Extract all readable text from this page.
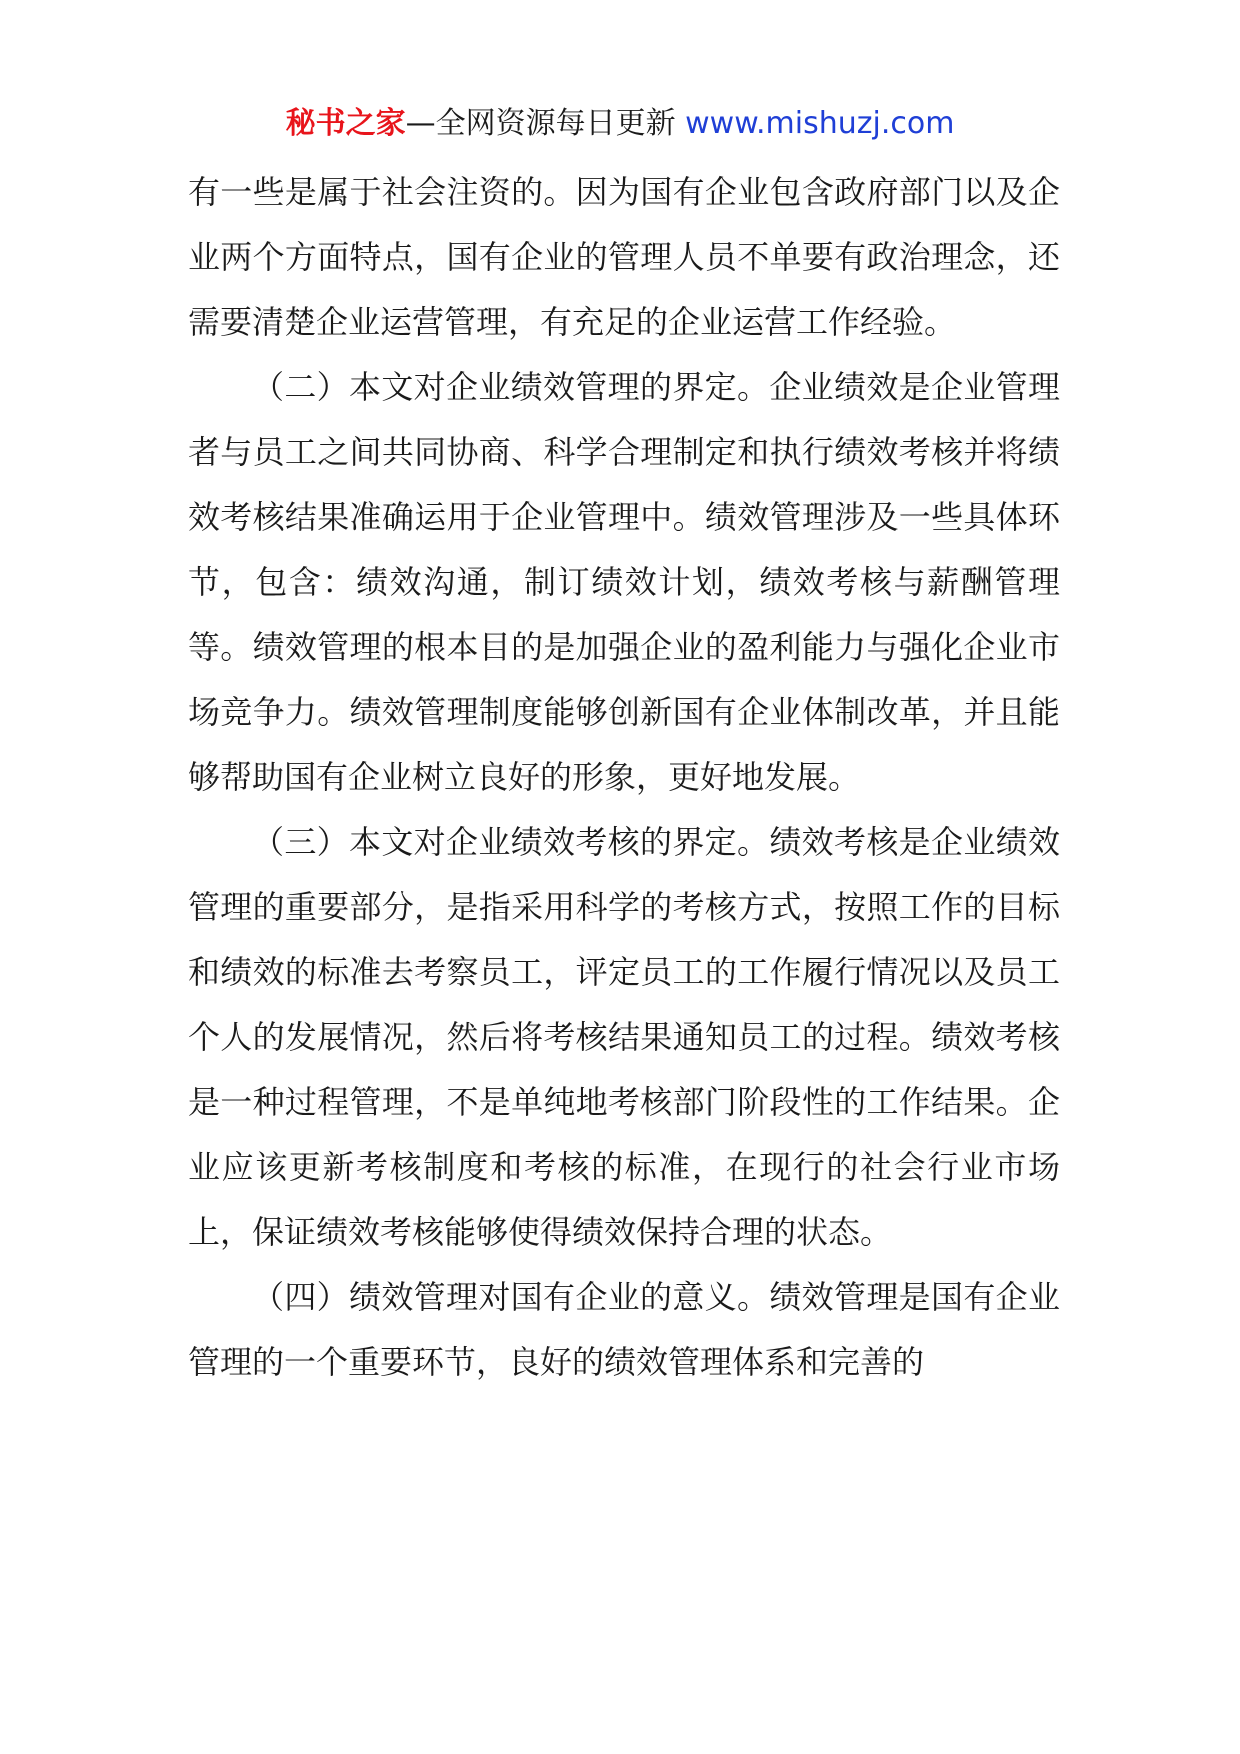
秘书之家—全网资源每日更新 www.mishuzj.com

有一些是属于社会注资的。因为国有企业包含政府部门以及企业两个方面特点，国有企业的管理人员不单要有政治理念，还需要清楚企业运营管理，有充足的企业运营工作经验。

（二）本文对企业绩效管理的界定。企业绩效是企业管理者与员工之间共同协商、科学合理制定和执行绩效考核并将绩效考核结果准确运用于企业管理中。绩效管理涉及一些具体环节，包含：绩效沟通，制订绩效计划，绩效考核与薪酬管理等。绩效管理的根本目的是加强企业的盈利能力与强化企业市场竞争力。绩效管理制度能够创新国有企业体制改革，并且能够帮助国有企业树立良好的形象，更好地发展。

（三）本文对企业绩效考核的界定。绩效考核是企业绩效管理的重要部分，是指采用科学的考核方式，按照工作的目标和绩效的标准去考察员工，评定员工的工作履行情况以及员工个人的发展情况，然后将考核结果通知员工的过程。绩效考核是一种过程管理，不是单纯地考核部门阶段性的工作结果。企业应该更新考核制度和考核的标准，在现行的社会行业市场上，保证绩效考核能够使得绩效保持合理的状态。

（四）绩效管理对国有企业的意义。绩效管理是国有企业管理的一个重要环节，良好的绩效管理体系和完善的
